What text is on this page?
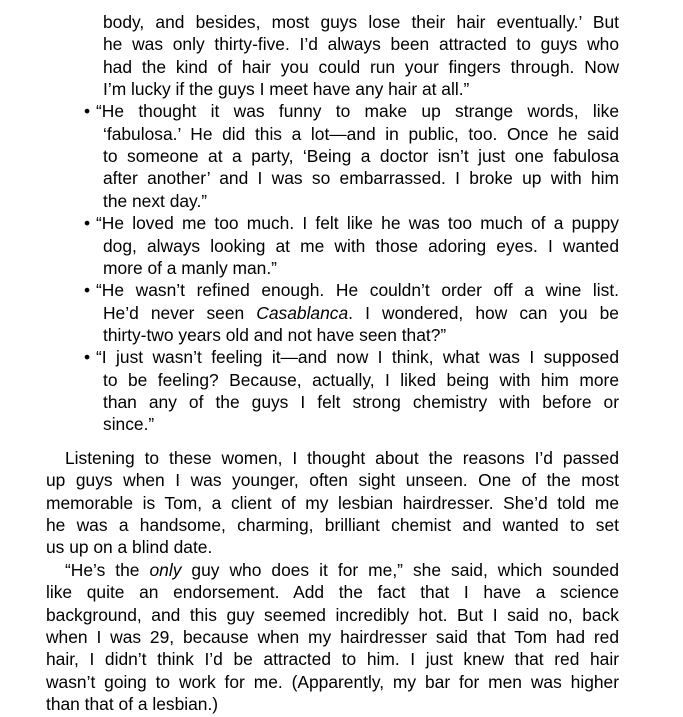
body, and besides, most guys lose their hair eventually.’ But
he was only thirty-five. I’d always been attracted to guys who
had the kind of hair you could run your fingers through. Now
I’m lucky if the guys I meet have any hair at all.”
• “He thought it was funny to make up strange words, like
‘fabulosa.’ He did this a lot—and in public, too. Once he said
to someone at a party, ‘Being a doctor isn’t just one fabulosa
after another’ and I was so embarrassed. I broke up with him
the next day.”
• “He loved me too much. I felt like he was too much of a puppy
dog, always looking at me with those adoring eyes. I wanted
more of a manly man.”
• “He wasn’t refined enough. He couldn’t order off a wine list.
He’d never seen Casablanca. I wondered, how can you be
thirty-two years old and not have seen that?”
• “I just wasn’t feeling it—and now I think, what was I supposed
to be feeling? Because, actually, I liked being with him more
than any of the guys I felt strong chemistry with before or
since.”
Listening to these women, I thought about the reasons I’d passed
up guys when I was younger, often sight unseen. One of the most
memorable is Tom, a client of my lesbian hairdresser. She’d told me
he was a handsome, charming, brilliant chemist and wanted to set
us up on a blind date.
“He’s the only guy who does it for me,” she said, which sounded
like quite an endorsement. Add the fact that I have a science
background, and this guy seemed incredibly hot. But I said no, back
when I was 29, because when my hairdresser said that Tom had red
hair, I didn’t think I’d be attracted to him. I just knew that red hair
wasn’t going to work for me. (Apparently, my bar for men was higher
than that of a lesbian.)
